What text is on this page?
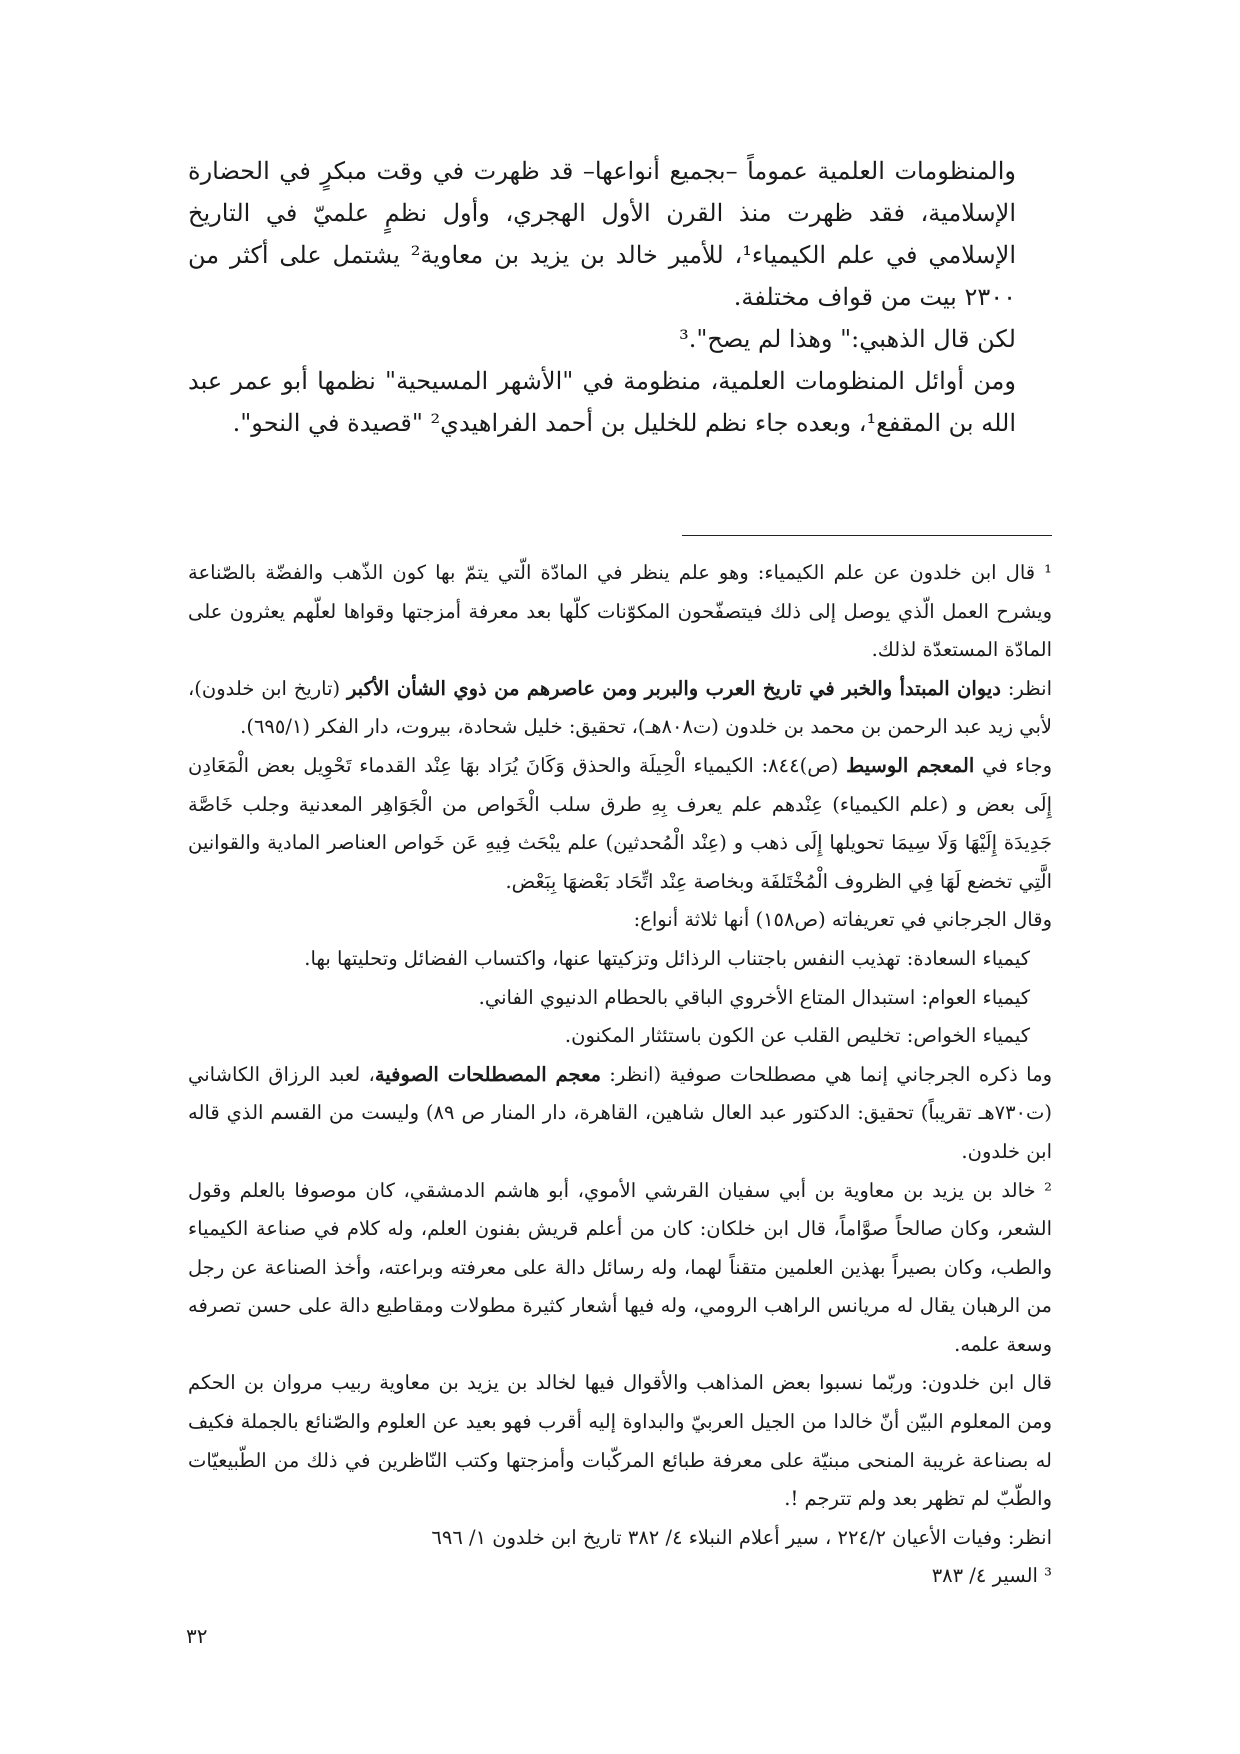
والمنظومات العلمية عموماً –بجميع أنواعها– قد ظهرت في وقت مبكرٍ في الحضارة الإسلامية، فقد ظهرت منذ القرن الأول الهجري، وأول نظمٍ علميّ في التاريخ الإسلامي في علم الكيمياء¹، للأمير خالد بن يزيد بن معاوية² يشتمل على أكثر من ٢٣٠٠ بيت من قواف مختلفة.

لكن قال الذهبي:" وهذا لم يصح".³

ومن أوائل المنظومات العلمية، منظومة في "الأشهر المسيحية" نظمها أبو عمر عبد الله بن المقفع¹، وبعده جاء نظم للخليل بن أحمد الفراهيدي² "قصيدة في النحو".

¹ قال ابن خلدون عن علم الكيمياء: وهو علم ينظر في المادّة الّتي يتمّ بها كون الذّهب والفضّة بالصّناعة ويشرح العمل الّذي يوصل إلى ذلك فيتصفّحون المكوّنات كلّها بعد معرفة أمزجتها وقواها لعلّهم يعثرون على المادّة المستعدّة لذلك.

انظر: ديوان المبتدأ والخبر في تاريخ العرب والبربر ومن عاصرهم من ذوي الشأن الأكبر (تاريخ ابن خلدون)، لأبي زيد عبد الرحمن بن محمد بن خلدون (ت٨٠٨هـ)، تحقيق: خليل شحادة، بيروت، دار الفكر (٦٩٥/١).

وجاء في المعجم الوسيط (ص)٨٤٤: الكيمياء الْحِيلَة والحذق وَكَانَ يُرَاد بهَا عِنْد القدماء تَحْوِيل بعض الْمَعَادِن إِلَى بعض و (علم الكيمياء) عِنْدهم علم يعرف بِهِ طرق سلب الْخَواص من الْجَوَاهِر المعدنية وجلب خَاصَّة جَدِيدَة إِلَيْهَا وَلَا سِيمَا تحويلها إِلَى ذهب و (عِنْد الْمُحدثين) علم يبْحَث فِيهِ عَن خَواص العناصر المادية والقوانين الَّتِي تخضع لَهَا فِي الظروف الْمُخْتَلفَة وبخاصة عِنْد اتِّحَاد بَعْضهَا بِبَعْض.

وقال الجرجاني في تعريفاته (ص١٥٨) أنها ثلاثة أنواع:

كيمياء السعادة: تهذيب النفس باجتناب الرذائل وتزكيتها عنها، واكتساب الفضائل وتحليتها بها.

كيمياء العوام: استبدال المتاع الأخروي الباقي بالحطام الدنيوي الفاني.

كيمياء الخواص: تخليص القلب عن الكون باستئثار المكنون.

وما ذكره الجرجاني إنما هي مصطلحات صوفية (انظر: معجم المصطلحات الصوفية، لعبد الرزاق الكاشاني (ت٧٣٠هـ تقريباً) تحقيق: الدكتور عبد العال شاهين، القاهرة، دار المنار ص ٨٩) وليست من القسم الذي قاله ابن خلدون.

² خالد بن يزيد بن معاوية بن أبي سفيان القرشي الأموي، أبو هاشم الدمشقي، كان موصوفا بالعلم وقول الشعر، وكان صالحاً صوَّاماً، قال ابن خلكان: كان من أعلم قريش بفنون العلم، وله كلام في صناعة الكيمياء والطب، وكان بصيراً بهذين العلمين متقناً لهما، وله رسائل دالة على معرفته وبراعته، وأخذ الصناعة عن رجل من الرهبان يقال له مريانس الراهب الرومي، وله فيها أشعار كثيرة مطولات ومقاطيع دالة على حسن تصرفه وسعة علمه.

قال ابن خلدون: وربّما نسبوا بعض المذاهب والأقوال فيها لخالد بن يزيد بن معاوية ربيب مروان بن الحكم ومن المعلوم البيّن أنّ خالدا من الجيل العربيّ والبداوة إليه أقرب فهو بعيد عن العلوم والصّنائع بالجملة فكيف له بصناعة غريبة المنحى مبنيّة على معرفة طبائع المركّبات وأمزجتها وكتب النّاظرين في ذلك من الطّبيعيّات والطّبّ لم تظهر بعد ولم تترجم !.

انظر: وفيات الأعيان ٢٢٤/٢ ، سير أعلام النبلاء ٤/ ٣٨٢ تاريخ ابن خلدون ١/ ٦٩٦

³ السير ٤/ ٣٨٣

٣٢
